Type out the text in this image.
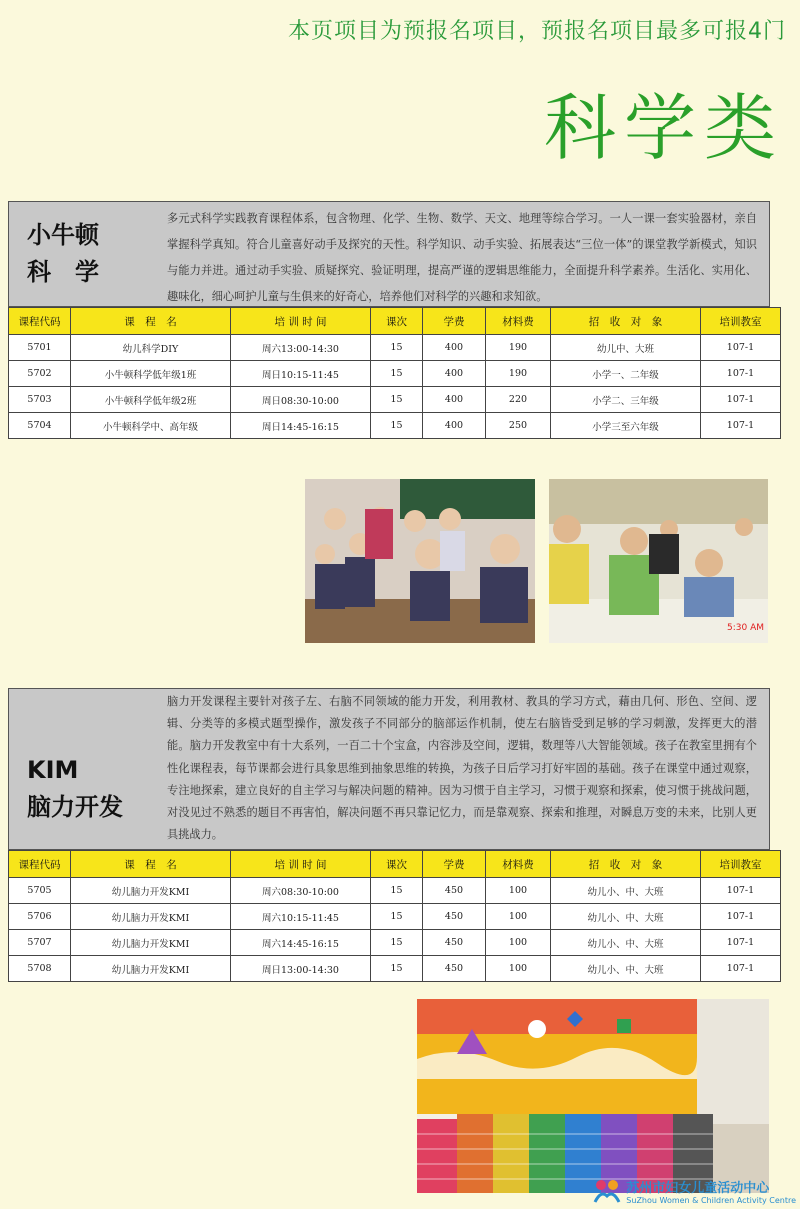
本页项目为预报名项目，预报名项目最多可报4门
科学类
小牛顿
科　学
多元式科学实践教育课程体系，包含物理、化学、生物、数学、天文、地理等综合学习。一人一课一套实验器材，亲自掌握科学真知。符合儿童喜好动手及探究的天性。科学知识、动手实验、拓展表达“三位一体”的课堂教学新模式，知识与能力并进。通过动手实验、质疑探究、验证明理，提高严谨的逻辑思维能力，全面提升科学素养。生活化、实用化、趣味化，细心呵护儿童与生俱来的好奇心，培养他们对科学的兴趣和求知欲。
课程代码	课　程　名	培 训 时 间	课次	学费	材料费	招　收　对　象	培训教室
5701	幼儿科学DIY	周六13:00-14:30	15	400	190	幼儿中、大班	107-1
5702	小牛顿科学低年级1班	周日10:15-11:45	15	400	190	小学一、二年级	107-1
5703	小牛顿科学低年级2班	周日08:30-10:00	15	400	220	小学二、三年级	107-1
5704	小牛顿科学中、高年级	周日14:45-16:15	15	400	250	小学三至六年级	107-1
5:30 AM
KIM
脑力开发
脑力开发课程主要针对孩子左、右脑不同领域的能力开发，利用教材、教具的学习方式，藉由几何、形色、空间、逻辑、分类等的多模式题型操作，激发孩子不同部分的脑部运作机制，使左右脑皆受到足够的学习刺激，发挥更大的潜能。脑力开发教室中有十大系列，一百二十个宝盒，内容涉及空间，逻辑，数理等八大智能领域。孩子在教室里拥有个性化课程表，每节课都会进行具象思维到抽象思维的转换，为孩子日后学习打好牢固的基础。孩子在课堂中通过观察，专注地探索，建立良好的自主学习与解决问题的精神。因为习惯于自主学习，习惯于观察和探索，使习惯于挑战问题，对没见过不熟悉的题目不再害怕，解决问题不再只靠记忆力，而是靠观察、探索和推理，对瞬息万变的未来，比别人更具挑战力。
课程代码	课　程　名	培 训 时 间	课次	学费	材料费	招　收　对　象	培训教室
5705	幼儿脑力开发KMI	周六08:30-10:00	15	450	100	幼儿小、中、大班	107-1
5706	幼儿脑力开发KMI	周六10:15-11:45	15	450	100	幼儿小、中、大班	107-1
5707	幼儿脑力开发KMI	周六14:45-16:15	15	450	100	幼儿小、中、大班	107-1
5708	幼儿脑力开发KMI	周日13:00-14:30	15	450	100	幼儿小、中、大班	107-1
苏州市妇女儿童活动中心
SuZhou Women & Children Activity Centre
